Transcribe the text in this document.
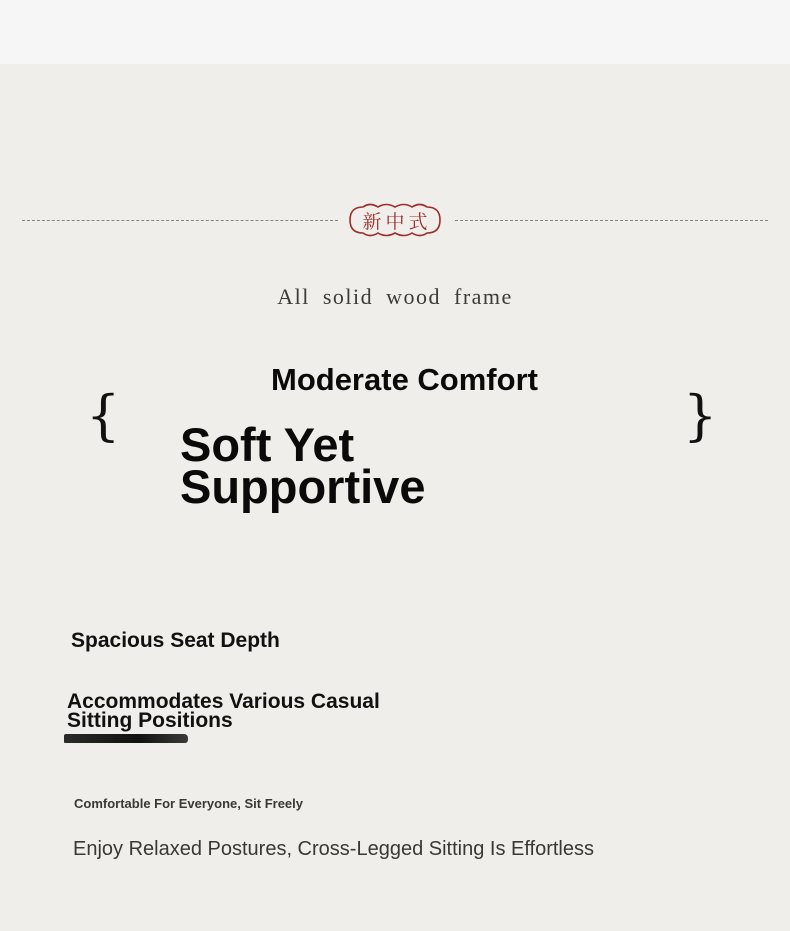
新中式
All solid wood frame
{	}
Moderate Comfort
Soft Yet Supportive
Spacious Seat Depth
Accommodates Various Casual Sitting Positions
Comfortable For Everyone, Sit Freely
Enjoy Relaxed Postures, Cross-Legged Sitting Is Effortless
